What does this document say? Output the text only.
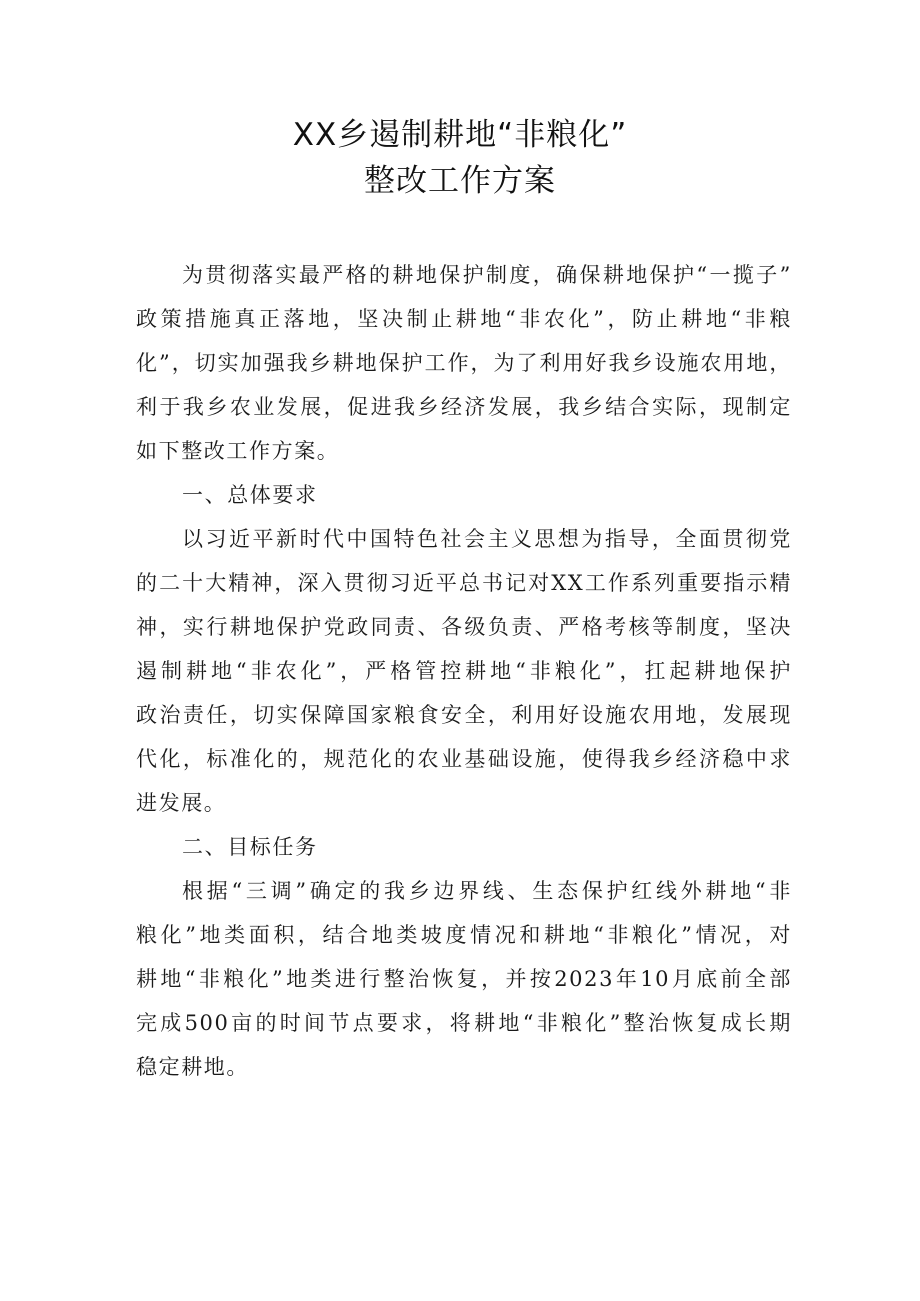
XX乡遏制耕地“非粮化”
整改工作方案
为贯彻落实最严格的耕地保护制度，确保耕地保护“一揽子”
政策措施真正落地，坚决制止耕地“非农化”，防止耕地“非粮
化”，切实加强我乡耕地保护工作，为了利用好我乡设施农用地，
利于我乡农业发展，促进我乡经济发展，我乡结合实际，现制定
如下整改工作方案。
一、总体要求
以习近平新时代中国特色社会主义思想为指导，全面贯彻党
的二十大精神，深入贯彻习近平总书记对XX工作系列重要指示精
神，实行耕地保护党政同责、各级负责、严格考核等制度，坚决
遏制耕地“非农化”，严格管控耕地“非粮化”，扛起耕地保护
政治责任，切实保障国家粮食安全，利用好设施农用地，发展现
代化，标准化的，规范化的农业基础设施，使得我乡经济稳中求
进发展。
二、目标任务
根据“三调”确定的我乡边界线、生态保护红线外耕地“非
粮化”地类面积，结合地类坡度情况和耕地“非粮化”情况，对
耕地“非粮化”地类进行整治恢复，并按2023年10月底前全部
完成500亩的时间节点要求，将耕地“非粮化”整治恢复成长期
稳定耕地。
